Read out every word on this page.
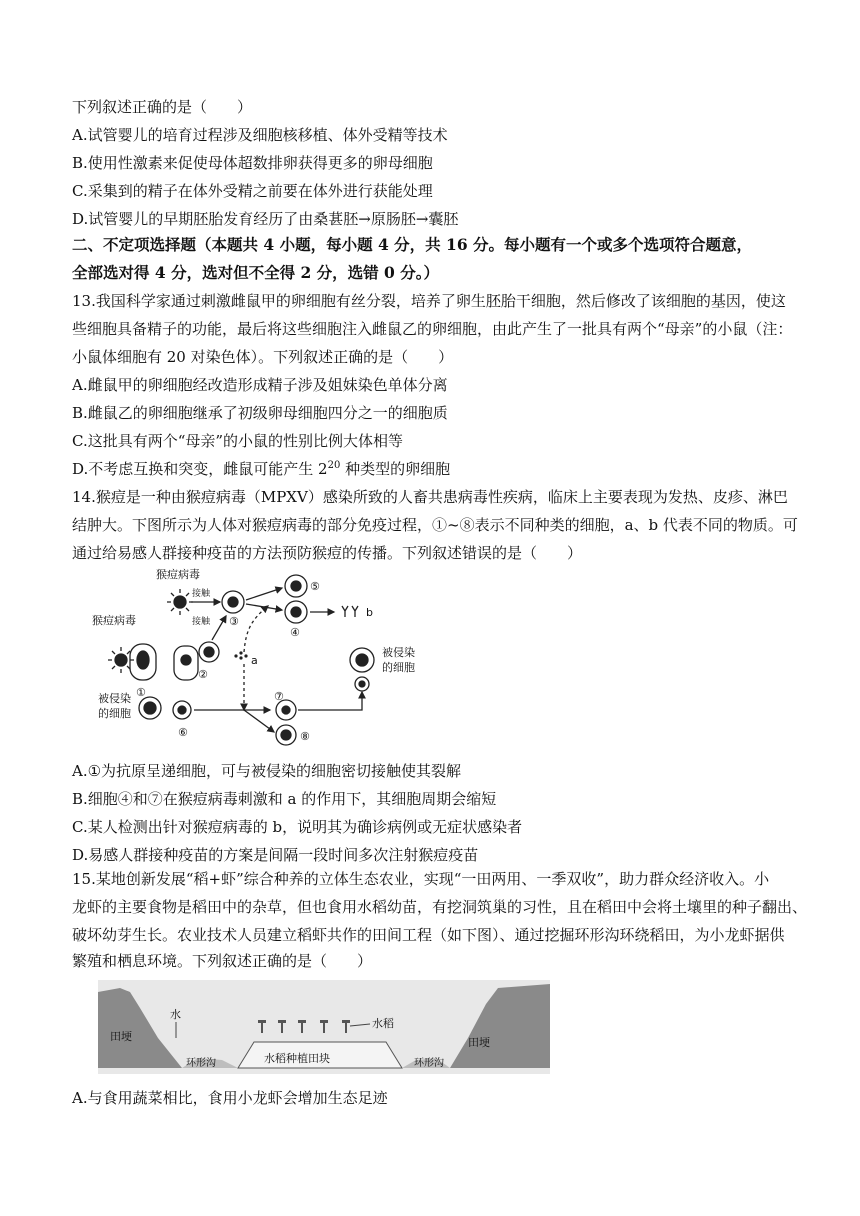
下列叙述正确的是（　　）
A.试管婴儿的培育过程涉及细胞核移植、体外受精等技术
B.使用性激素来促使母体超数排卵获得更多的卵母细胞
C.采集到的精子在体外受精之前要在体外进行获能处理
D.试管婴儿的早期胚胎发育经历了由桑葚胚→原肠胚→囊胚
二、不定项选择题（本题共 4 小题，每小题 4 分，共 16 分。每小题有一个或多个选项符合题意，
全部选对得 4 分，选对但不全得 2 分，选错 0 分。）
13.我国科学家通过刺激雌鼠甲的卵细胞有丝分裂，培养了卵生胚胎干细胞，然后修改了该细胞的基因，使这
些细胞具备精子的功能，最后将这些细胞注入雌鼠乙的卵细胞，由此产生了一批具有两个“母亲”的小鼠（注：
小鼠体细胞有 20 对染色体）。下列叙述正确的是（　　）
A.雌鼠甲的卵细胞经改造形成精子涉及姐妹染色单体分离
B.雌鼠乙的卵细胞继承了初级卵母细胞四分之一的细胞质
C.这批具有两个“母亲”的小鼠的性别比例大体相等
D.不考虑互换和突变，雌鼠可能产生 $2^{20}$ 种类型的卵细胞
14.猴痘是一种由猴痘病毒（MPXV）感染所致的人畜共患病毒性疾病，临床上主要表现为发热、皮疹、淋巴
结肿大。下图所示为人体对猴痘病毒的部分免疫过程，①~⑧表示不同种类的细胞，a、b 代表不同的物质。可
通过给易感人群接种疫苗的方法预防猴痘的传播。下列叙述错误的是（　　）
猴痘病毒
猴痘病毒
接触
接触
被侵染
的细胞
被侵染
的细胞
①
②
③
⑤
④
⑥
⑦
⑧
a
b
A.①为抗原呈递细胞，可与被侵染的细胞密切接触使其裂解
B.细胞④和⑦在猴痘病毒刺激和 a 的作用下，其细胞周期会缩短
C.某人检测出针对猴痘病毒的 b，说明其为确诊病例或无症状感染者
D.易感人群接种疫苗的方案是间隔一段时间多次注射猴痘疫苗
15.某地创新发展“稻+虾”综合种养的立体生态农业，实现“一田两用、一季双收”，助力群众经济收入。小
龙虾的主要食物是稻田中的杂草，但也食用水稻幼苗，有挖洞筑巢的习性，且在稻田中会将土壤里的种子翻出、
破坏幼芽生长。农业技术人员建立稻虾共作的田间工程（如下图）、通过挖掘环形沟环绕稻田，为小龙虾据供
繁殖和栖息环境。下列叙述正确的是（　　）
田埂	田埂
水
水稻
水稻种植田块
环形沟	环形沟
A.与食用蔬菜相比，食用小龙虾会增加生态足迹
